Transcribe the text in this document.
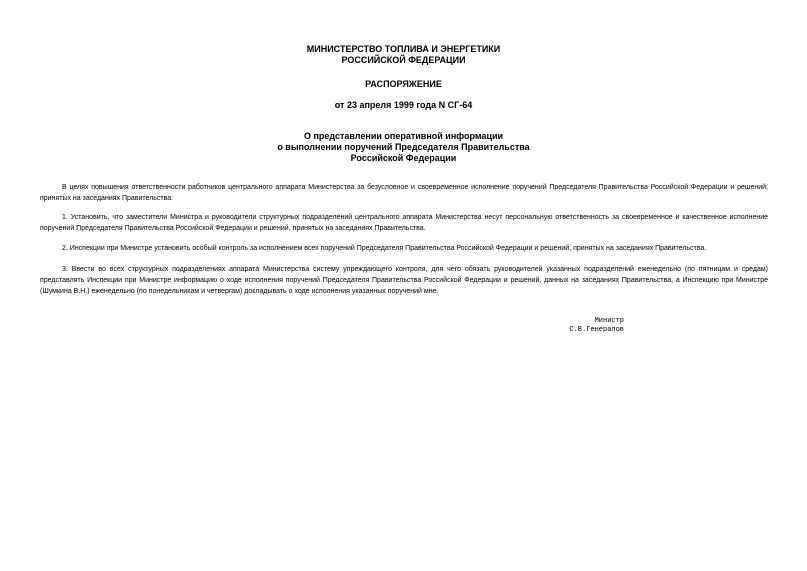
МИНИСТЕРСТВО ТОПЛИВА И ЭНЕРГЕТИКИ
РОССИЙСКОЙ ФЕДЕРАЦИИ

РАСПОРЯЖЕНИЕ

от 23 апреля 1999 года N СГ-64

О представлении оперативной информации
о выполнении поручений Председателя Правительства
Российской Федерации

В целях повышения ответственности работников центрального аппарата Министерства за безусловное и своевременное исполнение поручений Председателя Правительства Российской Федерации и решений, принятых на заседаниях Правительства:

1. Установить, что заместители Министра и руководители структурных подразделений центрального аппарата Министерства несут персональную ответственность за своевременное и качественное исполнение поручений Председателя Правительства Российской Федерации и решений, принятых на заседаниях Правительства.

2. Инспекции при Министре установить особый контроль за исполнением всех поручений Председателя Правительства Российской Федерации и решений, принятых на заседаниях Правительства.

3. Ввести во всех структурных подразделениях аппарата Министерства систему упреждающего контроля, для чего обязать руководителей указанных подразделений еженедельно (по пятницам и средам) представлять Инспекции при Министре информацию о ходе исполнения поручений Председателя Правительства Российской Федерации и решений, данных на заседаниях Правительства, а Инспекцию при Министре (Шумкина В.Н.) еженедельно (по понедельникам и четвергам) докладывать о ходе исполнения указанных поручений мне.

Министр
С.В.Генералов
